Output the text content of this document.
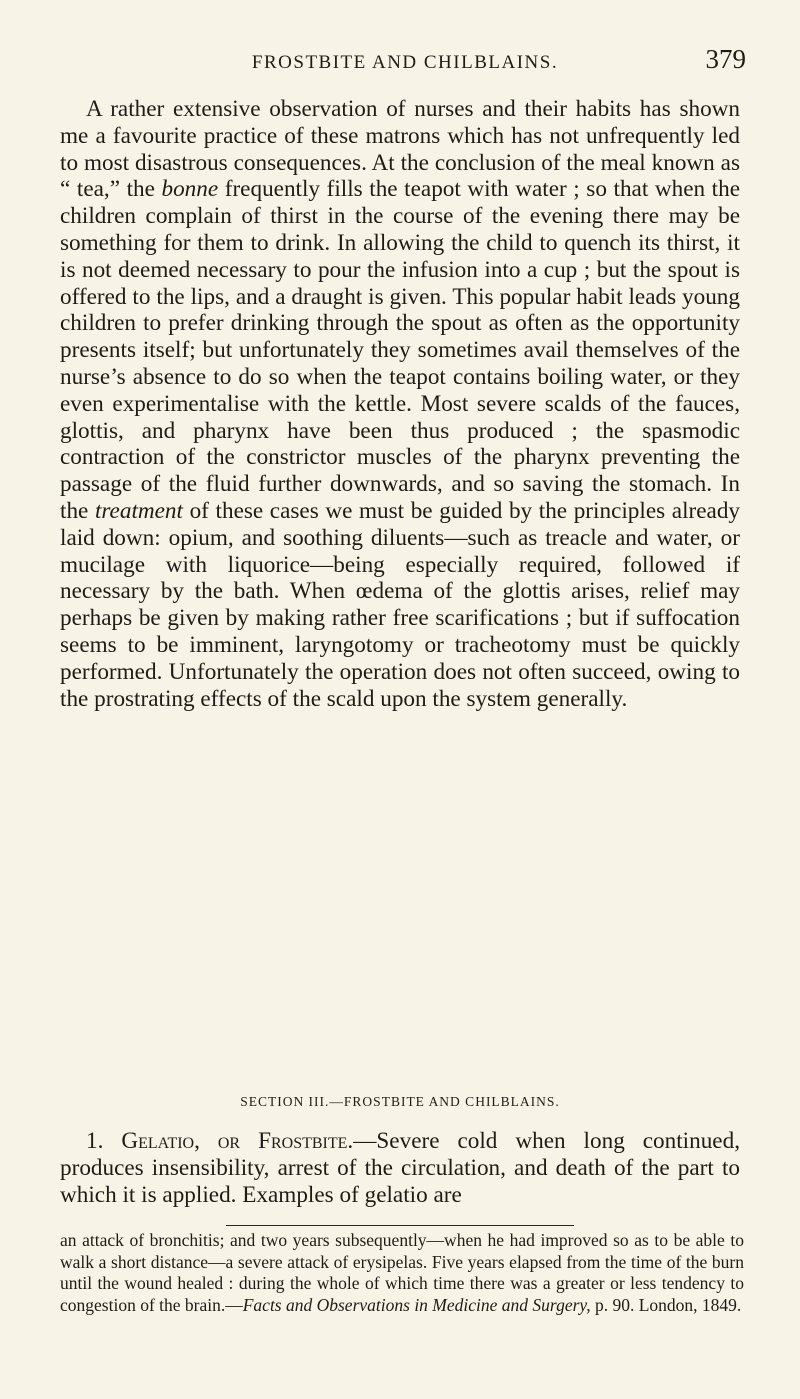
FROSTBITE AND CHILBLAINS.	379

A rather extensive observation of nurses and their habits has shown me a favourite practice of these matrons which has not unfrequently led to most disastrous consequences. At the conclusion of the meal known as “ tea,” the bonne frequently fills the teapot with water ; so that when the children complain of thirst in the course of the evening there may be something for them to drink. In allowing the child to quench its thirst, it is not deemed necessary to pour the infusion into a cup ; but the spout is offered to the lips, and a draught is given. This popular habit leads young children to prefer drinking through the spout as often as the opportunity presents itself; but unfortunately they sometimes avail themselves of the nurse’s absence to do so when the teapot contains boiling water, or they even experimentalise with the kettle. Most severe scalds of the fauces, glottis, and pharynx have been thus produced ; the spasmodic contraction of the constrictor muscles of the pharynx preventing the passage of the fluid further downwards, and so saving the stomach. In the treatment of these cases we must be guided by the principles already laid down: opium, and soothing diluents—such as treacle and water, or mucilage with liquorice—being especially required, followed if necessary by the bath. When œdema of the glottis arises, relief may perhaps be given by making rather free scarifications ; but if suffocation seems to be imminent, laryngotomy or tracheotomy must be quickly performed. Unfortunately the operation does not often succeed, owing to the prostrating effects of the scald upon the system generally.

SECTION III.—FROSTBITE AND CHILBLAINS.

1. Gelatio, or Frostbite.—Severe cold when long continued, produces insensibility, arrest of the circulation, and death of the part to which it is applied. Examples of gelatio are

an attack of bronchitis; and two years subsequently—when he had improved so as to be able to walk a short distance—a severe attack of erysipelas. Five years elapsed from the time of the burn until the wound healed : during the whole of which time there was a greater or less tendency to congestion of the brain.—Facts and Observations in Medicine and Surgery, p. 90. London, 1849.
